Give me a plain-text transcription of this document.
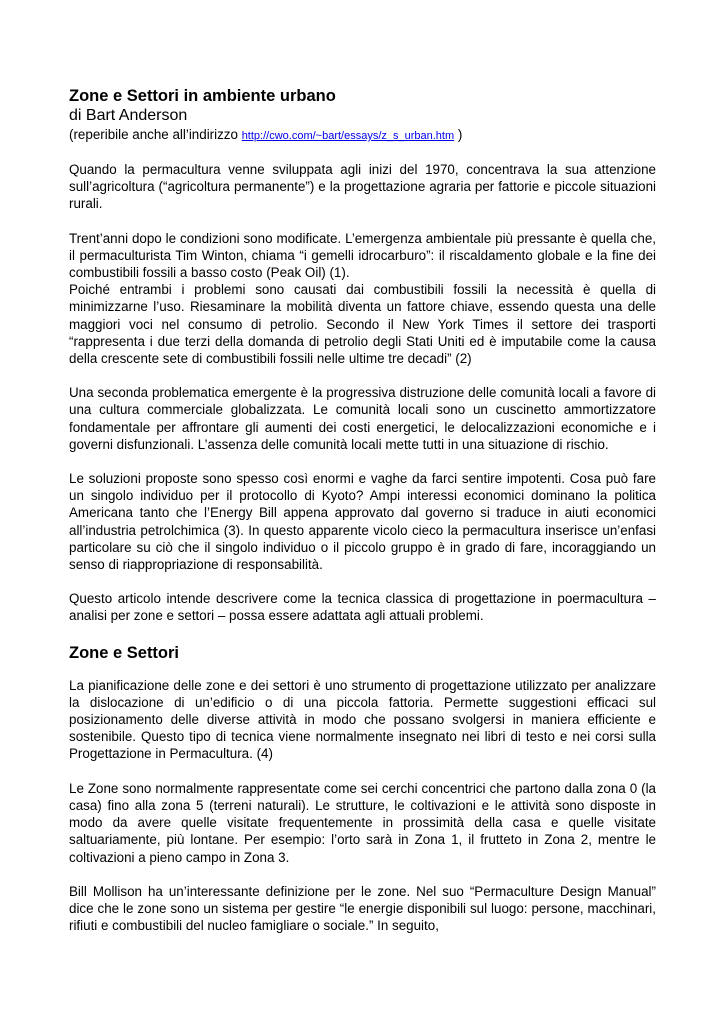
Zone e Settori in ambiente urbano

di Bart Anderson

(reperibile anche all’indirizzo http://cwo.com/~bart/essays/z_s_urban.htm )

Quando la permacultura venne sviluppata agli inizi del 1970, concentrava la sua attenzione sull’agricoltura (“agricoltura permanente”) e la progettazione agraria per fattorie e piccole situazioni rurali.

Trent’anni dopo le condizioni sono modificate. L’emergenza ambientale più pressante è quella che, il permaculturista Tim Winton, chiama “i gemelli idrocarburo”: il riscaldamento globale e la fine dei combustibili fossili a basso costo (Peak Oil) (1).

Poiché entrambi i problemi sono causati dai combustibili fossili la necessità è quella di minimizzarne l’uso. Riesaminare la mobilità diventa un fattore chiave, essendo questa una delle maggiori voci nel consumo di petrolio. Secondo il New York Times il settore dei trasporti “rappresenta i due terzi della domanda di petrolio degli Stati Uniti ed è imputabile come la causa della crescente sete di combustibili fossili nelle ultime tre decadi” (2)

Una seconda problematica emergente è la progressiva distruzione delle comunità locali a favore di una cultura commerciale globalizzata. Le comunità locali sono un cuscinetto ammortizzatore fondamentale per affrontare gli aumenti dei costi energetici, le delocalizzazioni economiche e i governi disfunzionali. L’assenza delle comunità locali mette tutti in una situazione di rischio.

Le soluzioni proposte sono spesso così enormi e vaghe da farci sentire impotenti. Cosa può fare un singolo individuo per il protocollo di Kyoto? Ampi interessi economici dominano la politica Americana tanto che l’Energy Bill appena approvato dal governo si traduce in aiuti economici all’industria petrolchimica (3). In questo apparente vicolo cieco la permacultura inserisce un’enfasi particolare su ciò che il singolo individuo o il piccolo gruppo è in grado di fare, incoraggiando un senso di riappropriazione di responsabilità.

Questo articolo intende descrivere come la tecnica classica di progettazione in poermacultura – analisi per zone e settori – possa essere adattata agli attuali problemi.

Zone e Settori

La pianificazione delle zone e dei settori è uno strumento di progettazione utilizzato per analizzare la dislocazione di un’edificio o di una piccola fattoria. Permette suggestioni efficaci sul posizionamento delle diverse attività in modo che possano svolgersi in maniera efficiente e sostenibile. Questo tipo di tecnica viene normalmente insegnato nei libri di testo e nei corsi sulla Progettazione in Permacultura. (4)

Le Zone sono normalmente rappresentate come sei cerchi concentrici che partono dalla zona 0 (la casa) fino alla zona 5 (terreni naturali). Le strutture, le coltivazioni e le attività sono disposte in modo da avere quelle visitate frequentemente in prossimità della casa e quelle visitate saltuariamente, più lontane. Per esempio: l’orto sarà in Zona 1, il frutteto in Zona 2, mentre le coltivazioni a pieno campo in Zona 3.

Bill Mollison ha un’interessante definizione per le zone. Nel suo “Permaculture Design Manual” dice che le zone sono un sistema per gestire “le energie disponibili sul luogo: persone, macchinari, rifiuti e combustibili del nucleo famigliare o sociale.” In seguito,
